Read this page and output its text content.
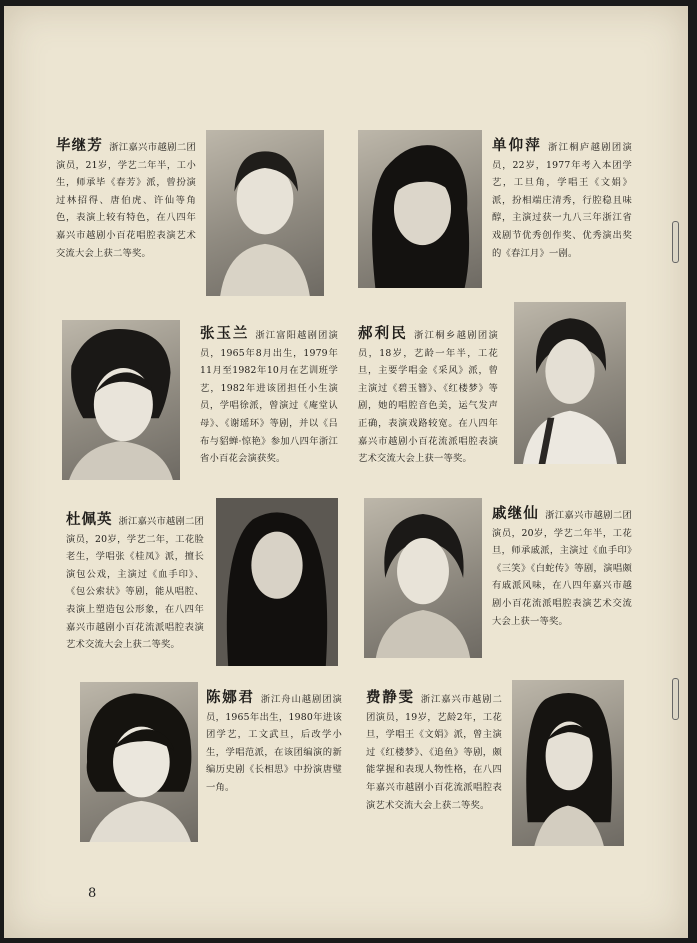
毕继芳 浙江嘉兴市越剧二团演员，21岁，学艺二年半，工小生，师承毕《春芳》派，曾扮演过林招得、唐伯虎、许仙等角色，表演上较有特色，在八四年嘉兴市越剧小百花唱腔表演艺术交流大会上获二等奖。
单仰萍 浙江桐庐越剧团演员，22岁，1977年考入本团学艺，工旦角，学唱王《文娟》派，扮相端庄清秀，行腔稳且味醇，主演过获一九八三年浙江省戏剧节优秀创作奖、优秀演出奖的《春江月》一剧。
张玉兰 浙江富阳越剧团演员，1965年8月出生，1979年11月至1982年10月在艺训班学艺，1982年进该团担任小生演员，学唱徐派，曾演过《庵堂认母》、《谢瑶环》等剧，并以《吕布与貂蝉·惊艳》参加八四年浙江省小百花会演获奖。
郝利民 浙江桐乡越剧团演员，18岁，艺龄一年半，工花旦，主要学唱金《采风》派，曾主演过《碧玉簪》、《红楼梦》等剧，她的唱腔音色美，运气发声正确，表演戏路较宽。在八四年嘉兴市越剧小百花流派唱腔表演艺术交流大会上获一等奖。
杜佩英 浙江嘉兴市越剧二团演员，20岁，学艺二年，工花脸老生，学唱张《桂凤》派，擅长演包公戏，主演过《血手印》、《包公索状》等剧，能从唱腔、表演上塑造包公形象，在八四年嘉兴市越剧小百花流派唱腔表演艺术交流大会上获二等奖。
戚继仙 浙江嘉兴市越剧二团演员，20岁，学艺二年半，工花旦，师承戚派，主演过《血手印》《三笑》《白蛇传》等剧，演唱颇有戚派风味，在八四年嘉兴市越剧小百花流派唱腔表演艺术交流大会上获一等奖。
陈娜君 浙江舟山越剧团演员，1965年出生，1980年进该团学艺，工文武旦，后改学小生，学唱范派，在该团编演的新编历史剧《长相思》中扮演唐璧一角。
费静雯 浙江嘉兴市越剧二团演员，19岁，艺龄2年，工花旦，学唱王《文娟》派，曾主演过《红楼梦》、《追鱼》等剧，颇能掌握和表现人物性格，在八四年嘉兴市越剧小百花流派唱腔表演艺术交流大会上获二等奖。
8
